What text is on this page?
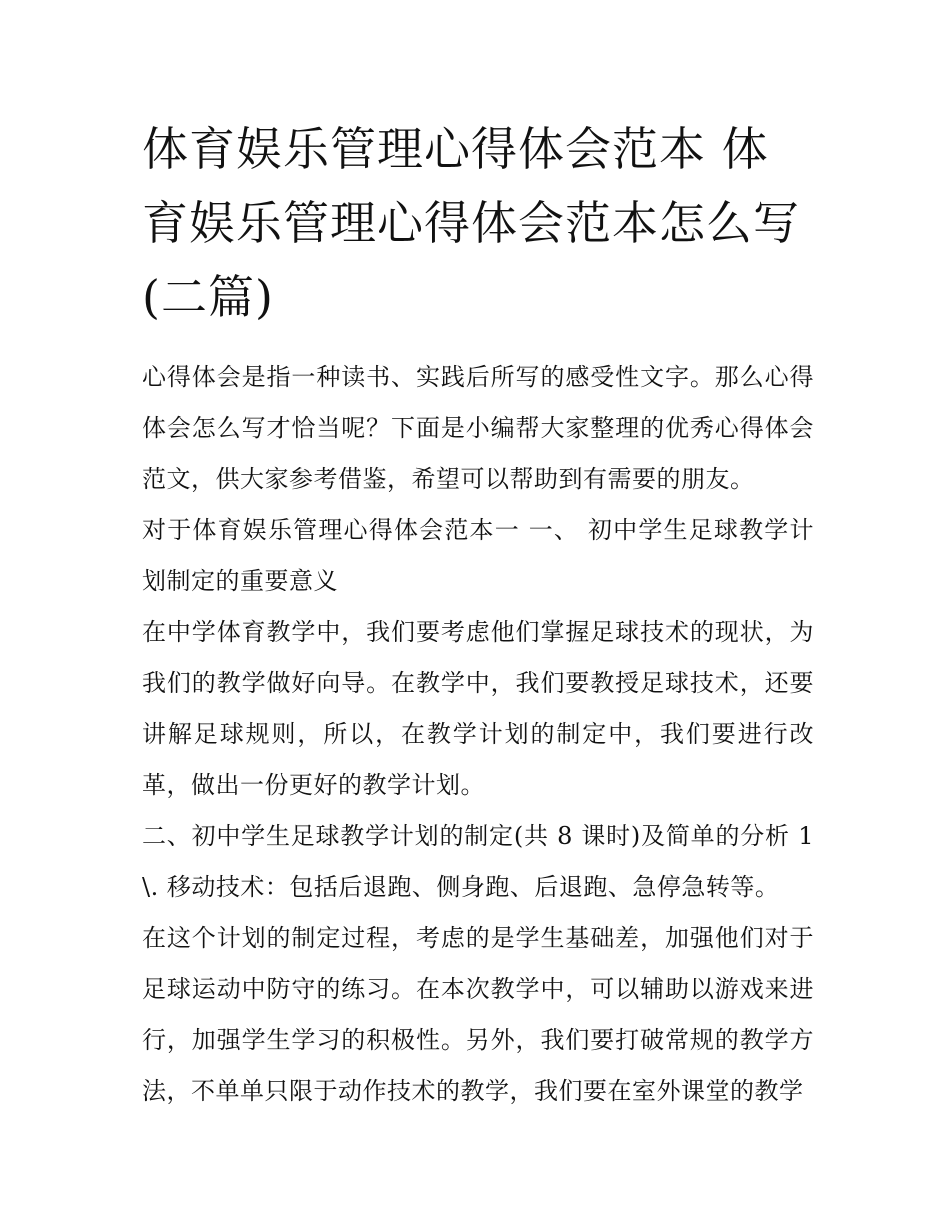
体育娱乐管理心得体会范本 体育娱乐管理心得体会范本怎么写(二篇)

心得体会是指一种读书、实践后所写的感受性文字。那么心得体会怎么写才恰当呢？下面是小编帮大家整理的优秀心得体会范文，供大家参考借鉴，希望可以帮助到有需要的朋友。

对于体育娱乐管理心得体会范本一 一、 初中学生足球教学计划制定的重要意义

在中学体育教学中，我们要考虑他们掌握足球技术的现状，为我们的教学做好向导。在教学中，我们要教授足球技术，还要讲解足球规则，所以，在教学计划的制定中，我们要进行改革，做出一份更好的教学计划。

二、初中学生足球教学计划的制定(共 8 课时)及简单的分析 1\. 移动技术：包括后退跑、侧身跑、后退跑、急停急转等。

在这个计划的制定过程，考虑的是学生基础差，加强他们对于足球运动中防守的练习。在本次教学中，可以辅助以游戏来进行，加强学生学习的积极性。另外，我们要打破常规的教学方法，不单单只限于动作技术的教学，我们要在室外课堂的教学
